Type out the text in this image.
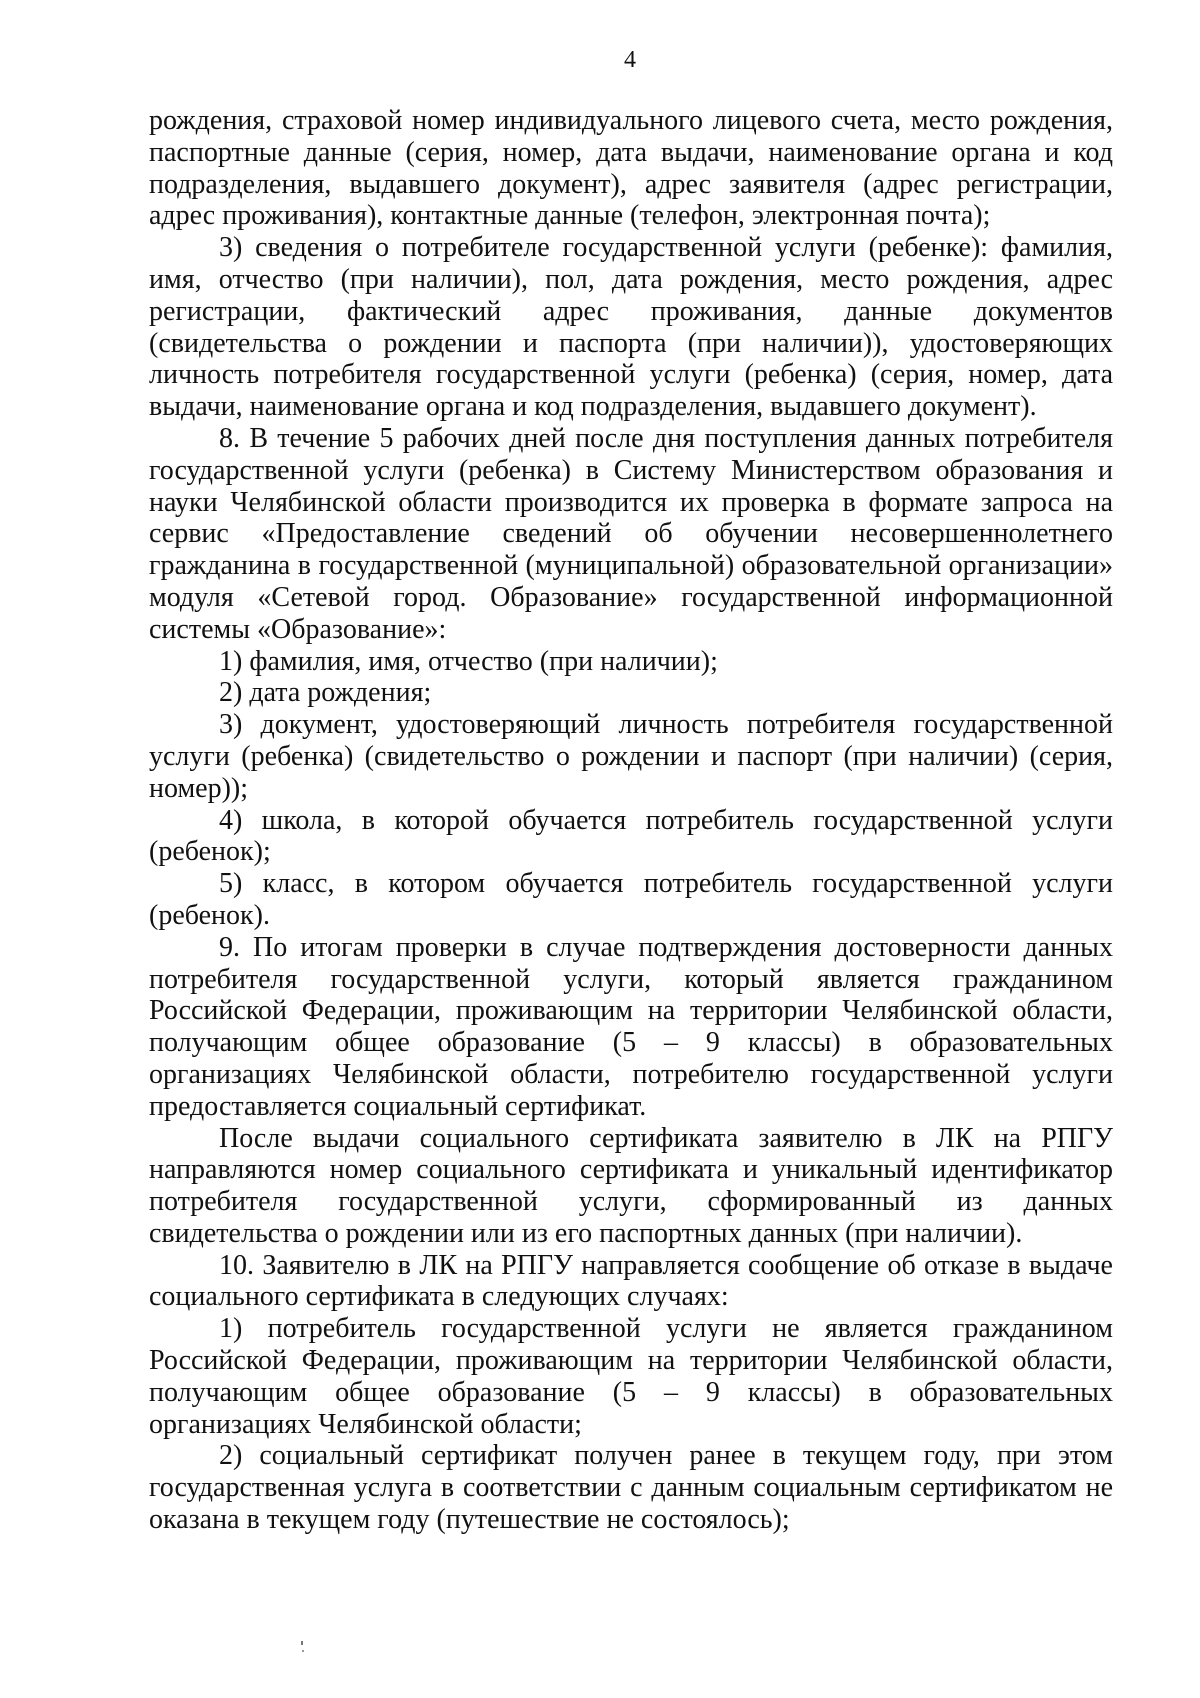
4

рождения, страховой номер индивидуального лицевого счета, место рождения, паспортные данные (серия, номер, дата выдачи, наименование органа и код подразделения, выдавшего документ), адрес заявителя (адрес регистрации, адрес проживания), контактные данные (телефон, электронная почта);

3) сведения о потребителе государственной услуги (ребенке): фамилия, имя, отчество (при наличии), пол, дата рождения, место рождения, адрес регистрации, фактический адрес проживания, данные документов (свидетельства о рождении и паспорта (при наличии)), удостоверяющих личность потребителя государственной услуги (ребенка) (серия, номер, дата выдачи, наименование органа и код подразделения, выдавшего документ).

8. В течение 5 рабочих дней после дня поступления данных потребителя государственной услуги (ребенка) в Систему Министерством образования и науки Челябинской области производится их проверка в формате запроса на сервис «Предоставление сведений об обучении несовершеннолетнего гражданина в государственной (муниципальной) образовательной организации» модуля «Сетевой город. Образование» государственной информационной системы «Образование»:

1) фамилия, имя, отчество (при наличии);

2) дата рождения;

3) документ, удостоверяющий личность потребителя государственной услуги (ребенка) (свидетельство о рождении и паспорт (при наличии) (серия, номер));

4) школа, в которой обучается потребитель государственной услуги (ребенок);

5) класс, в котором обучается потребитель государственной услуги (ребенок).

9. По итогам проверки в случае подтверждения достоверности данных потребителя государственной услуги, который является гражданином Российской Федерации, проживающим на территории Челябинской области, получающим общее образование (5 – 9 классы) в образовательных организациях Челябинской области, потребителю государственной услуги предоставляется социальный сертификат.

После выдачи социального сертификата заявителю в ЛК на РПГУ направляются номер социального сертификата и уникальный идентификатор потребителя государственной услуги, сформированный из данных свидетельства о рождении или из его паспортных данных (при наличии).

10. Заявителю в ЛК на РПГУ направляется сообщение об отказе в выдаче социального сертификата в следующих случаях:

1) потребитель государственной услуги не является гражданином Российской Федерации, проживающим на территории Челябинской области, получающим общее образование (5 – 9 классы) в образовательных организациях Челябинской области;

2) социальный сертификат получен ранее в текущем году, при этом государственная услуга в соответствии с данным социальным сертификатом не оказана в текущем году (путешествие не состоялось);
